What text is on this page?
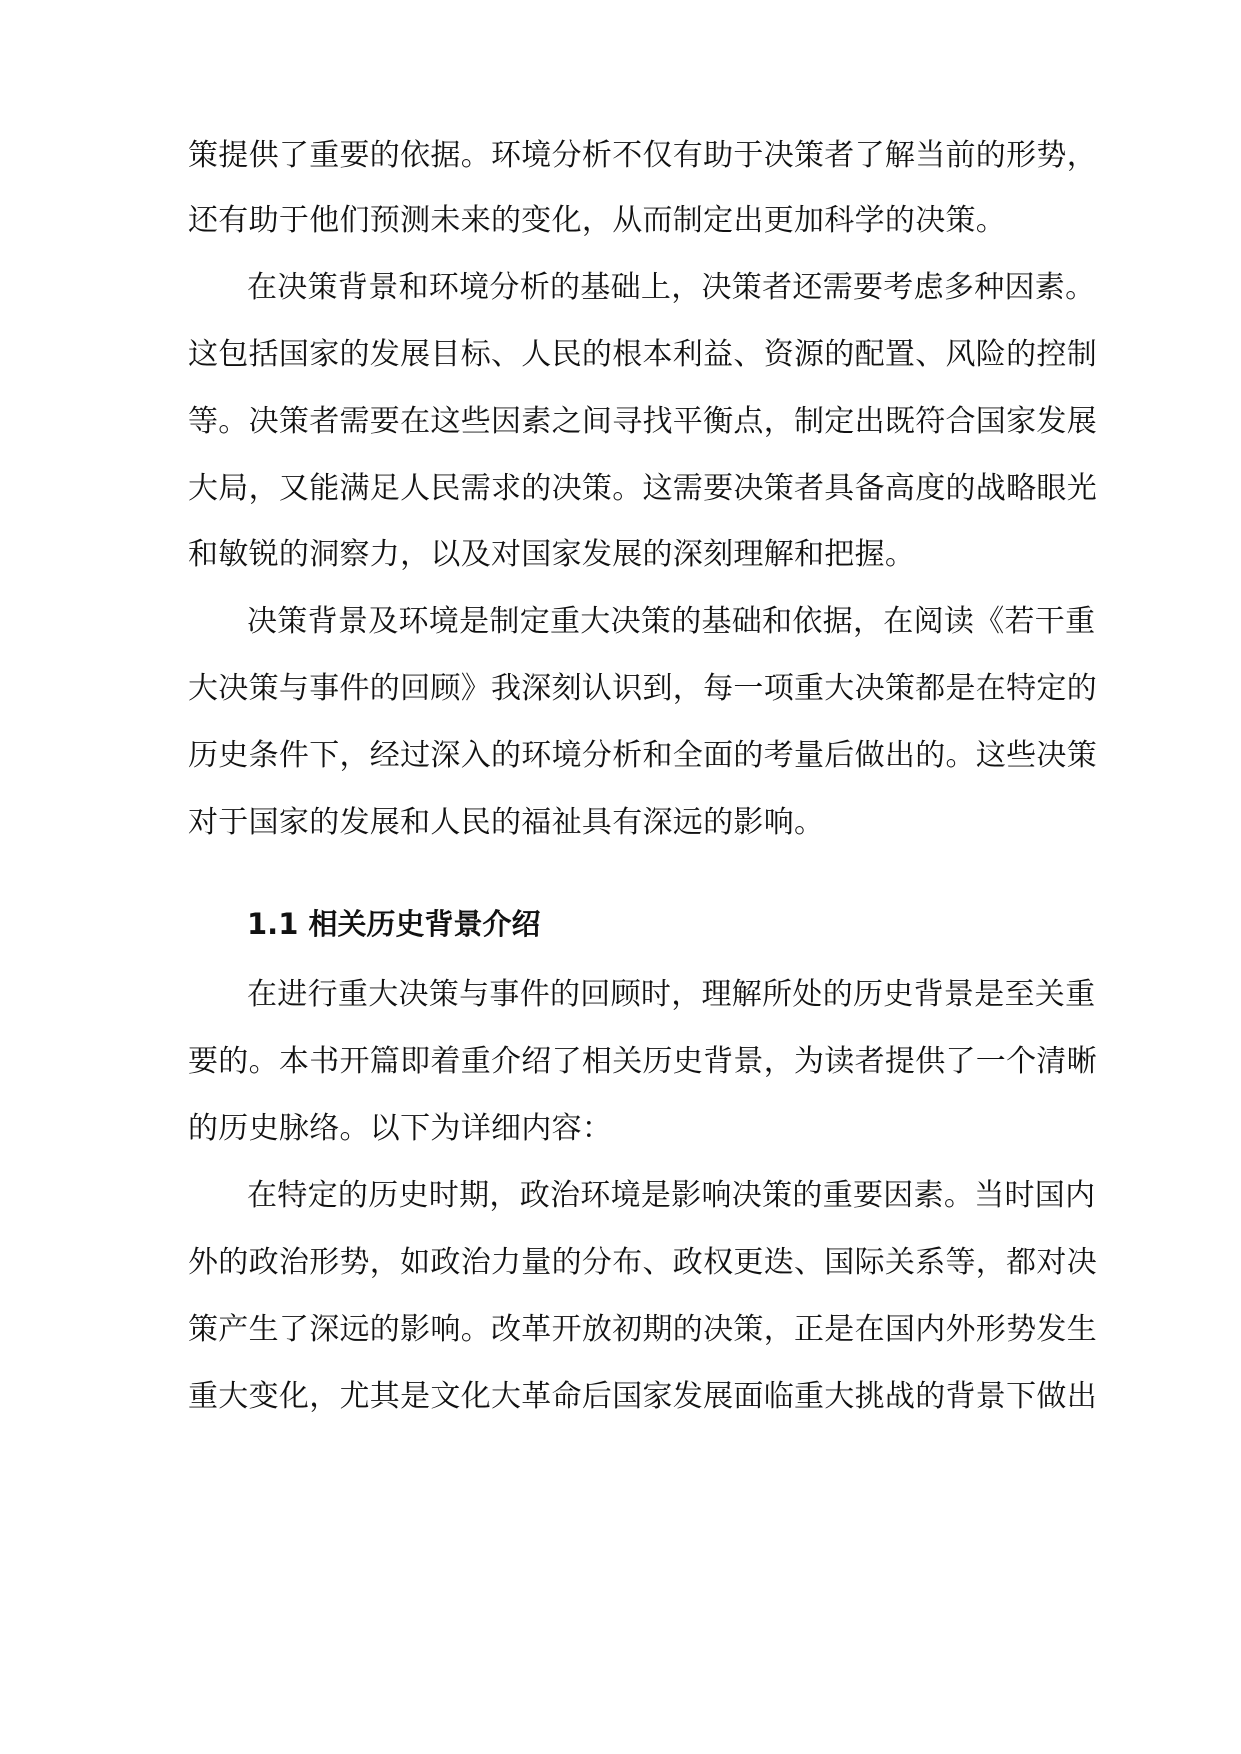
策提供了重要的依据。环境分析不仅有助于决策者了解当前的形势，
还有助于他们预测未来的变化，从而制定出更加科学的决策。
在决策背景和环境分析的基础上，决策者还需要考虑多种因素。
这包括国家的发展目标、人民的根本利益、资源的配置、风险的控制
等。决策者需要在这些因素之间寻找平衡点，制定出既符合国家发展
大局，又能满足人民需求的决策。这需要决策者具备高度的战略眼光
和敏锐的洞察力，以及对国家发展的深刻理解和把握。
决策背景及环境是制定重大决策的基础和依据，在阅读《若干重
大决策与事件的回顾》我深刻认识到，每一项重大决策都是在特定的
历史条件下，经过深入的环境分析和全面的考量后做出的。这些决策
对于国家的发展和人民的福祉具有深远的影响。
1.1 相关历史背景介绍
在进行重大决策与事件的回顾时，理解所处的历史背景是至关重
要的。本书开篇即着重介绍了相关历史背景，为读者提供了一个清晰
的历史脉络。以下为详细内容：
在特定的历史时期，政治环境是影响决策的重要因素。当时国内
外的政治形势，如政治力量的分布、政权更迭、国际关系等，都对决
策产生了深远的影响。改革开放初期的决策，正是在国内外形势发生
重大变化，尤其是文化大革命后国家发展面临重大挑战的背景下做出
